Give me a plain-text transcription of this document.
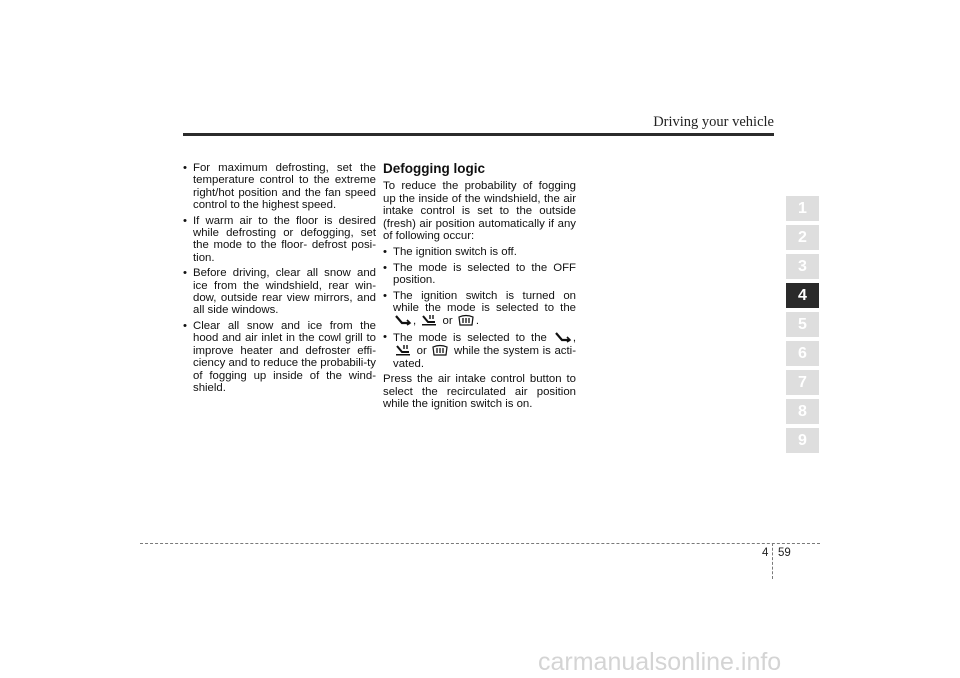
Driving your vehicle
• For maximum defrosting, set the temperature control to the extreme right/hot position and the fan speed control to the highest speed.
• If warm air to the floor is desired while defrosting or defogging, set the mode to the floor- defrost posi-tion.
• Before driving, clear all snow and ice from the windshield, rear win-dow, outside rear view mirrors, and all side windows.
• Clear all snow and ice from the hood and air inlet in the cowl grill to improve heater and defroster effi-ciency and to reduce the probabili-ty of fogging up inside of the wind-shield.
Defogging logic

To reduce the probability of fogging up the inside of the windshield, the air intake control is set to the outside (fresh) air position automatically if any of following occur:

• The ignition switch is off.
• The mode is selected to the OFF position.
• The ignition switch is turned on while the mode is selected to the , or .
• The mode is selected to the ,  or while the system is acti-vated.

Press the air intake control button to select the recirculated air position while the ignition switch is on.

1
2
3
4
5
6
7
8
9
4 59
carmanualsonline.info
